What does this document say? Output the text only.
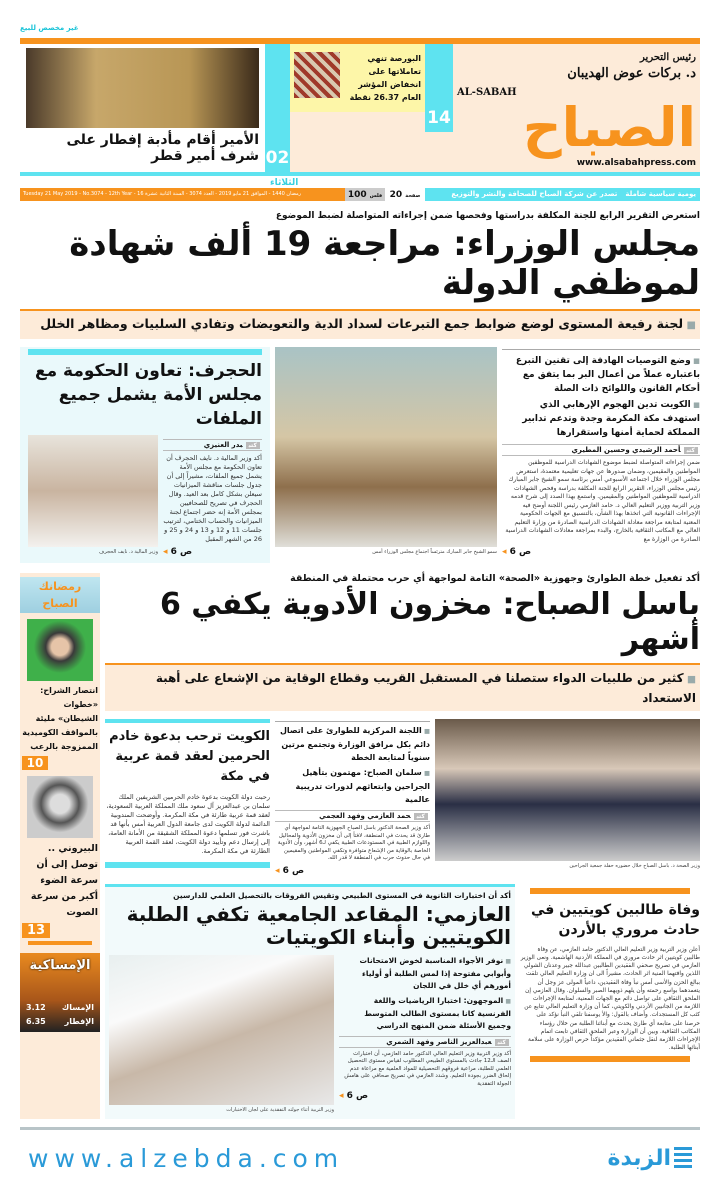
غير مخصص للبيع
الأمير أقام مأدبة إفطار على شرف أمير قطر 02
البورصة تنهي تعاملاتها على انخفاض المؤشر العام 26.37 نقطة
14
رئيس التحرير
د. بركات عوض الهديبان
AL-SABAH
الصباح
www.alsabahpress.com
الثلاثاء
Tuesday 21 May 2019 - No.3074 - 12th Year - 16 رمضان 1440 - الموافق 21 مايو 2019 - العدد 3074 - السنة الثانية عشرة	100 فلس 20 صفحة	يومية سياسية شاملة
تصدر عن شركة الصباح للصحافة والنشر والتوزيع
استعرض التقرير الرابع للجنة المكلفة بدراستها وفحصها ضمن إجراءاته المتواصلة لضبط الموضوع
مجلس الوزراء: مراجعة 19 ألف شهادة لموظفي الدولة
■ لجنة رفيعة المستوى لوضع ضوابط جمع التبرعات لسداد الدية والتعويضات وتفادي السلبيات ومظاهر الخلل
الحجرف: تعاون الحكومة مع مجلس الأمة يشمل جميع الملفات
وزير المالية د. نايف الحجرف
كتببدر العنيزي
أكد وزير المالية د. نايف الحجرف أن تعاون الحكومة مع مجلس الأمة يشمل جميع الملفات، مشيراً إلى أن جدول جلسات مناقشة الميزانيات سيعلن بشكل كامل بعد العيد. وقال الحجرف في تصريح للصحافيين بمجلس الأمة إنه حضر اجتماع لجنة الميزانيات والحساب الختامي، لترتيب جلسات 11 و 12 و 13 و 24 و 25 و 26 من الشهر المقبل
◂ ص 6	سمو الشيخ جابر المبارك مترئساً اجتماع مجلس الوزراء أمس
■ وضع التوصيات الهادفة إلى تقنين التبرع باعتباره عملاً من أعمال البر بما يتفق مع أحكام القانون واللوائح ذات الصلة
■ الكويت تدين الهجوم الإرهابي الذي استهدف مكة المكرمة وجدة وتدعم تدابير المملكة لحماية أمنها واستقرارها
كتبأحمد الرشيدي وحسين المطيري
ضمن إجراءاته المتواصلة لضبط موضوع الشهادات الدراسية للموظفين المواطنين والمقيمين، وضمان صدورها عن جهات تعليمية معتمدة، استعرض مجلس الوزراء خلال اجتماعه الأسبوعي أمس برئاسة سمو الشيخ جابر المبارك رئيس مجلس الوزراء، التقرير الرابع للجنة المكلفة بدراسة وفحص الشهادات الدراسية للموظفين المواطنين والمقيمين. واستمع بهذا الصدد إلى شرح قدمه وزير التربية ووزير التعليم العالي د. حامد العازمي رئيس اللجنة أوضح فيه الإجراءات القانونية التي اتخذها بهذا الشأن، بالتنسيق مع الجهات الحكومية المعنية لمتابعة مراجعة معادلة الشهادات الدراسية الصادرة من وزارة التعليم العالي مع المكاتب الثقافية بالخارج، والبدء بمراجعة معادلات الشهادات الدراسية الصادرة من الوزارة مع
◂ ص 6
رمضانك الصباح
انتصار الشراح: «خطوات الشيطان» مليئة بالمواقف الكوميدية الممزوجة بالرعب
10
البيروني .. توصل إلى أن سرعة الضوء أكبر من سرعة الصوت
13
الإمساكية
الإمساك
3.12
الإفطار
6.35
أكد تفعيل خطة الطوارئ وجهوزية «الصحة» التامة لمواجهة أي حرب محتملة في المنطقة
باسل الصباح: مخزون الأدوية يكفي 6 أشهر
■ كثير من طلبيات الدواء ستصلنا في المستقبل القريب وقطاع الوقاية من الإشعاع على أهبة الاستعداد
الكويت ترحب بدعوة خادم الحرمين لعقد قمة عربية في مكة
رحبت دولة الكويت بدعوة خادم الحرمين الشريفين الملك سلمان بن عبدالعزيز آل سعود ملك المملكة العربية السعودية، لعقد قمة عربية طارئة في مكة المكرمة. وأوضحت المندوبية الدائمة لدولة الكويت لدى جامعة الدول العربية أمس بأنها قد باشرت فور تسلمها دعوة المملكة الشقيقة من الأمانة العامة، إلى إرسال دعم وتأييد دولة الكويت، لعقد القمة العربية الطارئة في مكة المكرمة.
■ اللجنة المركزية للطوارئ على اتصال دائم بكل مرافق الوزارة وتجتمع مرتين سنوياً لمتابعة الخطة
■ سلمان الصباح: مهتمون بتأهيل الجراحين وابتعاثهم لدورات تدريبية عالمية
كتبحمد العازمي وفهد العجمي
أكد وزير الصحة الدكتور باسل الصباح الجهوزية التامة لمواجهة أي طارئ قد يحدث في المنطقة، لافتاً إلى أن مخزون الأدوية والمحاليل واللوازم الطبية في المستودعات الطبية يكفي لـ6 أشهر، وأن الأدوية الخاصة بالوقاية من الإشعاع متوافرة وتكفي المواطنين والمقيمين في حال حدوث حرب في المنطقة لا قدر الله.
◂ ص 6	وزير الصحة د. باسل الصباح خلال حضوره حفلة جمعية الجراحين
أكد أن اختبارات الثانوية في المستوى الطبيعي وتقيس الفروقات بالتحصيل العلمي للدارسين
العازمي: المقاعد الجامعية تكفي الطلبة الكويتيين وأبناء الكويتيات
وزير التربية أثناء جولته التفقدية على لجان الاختبارات
■ نوفر الأجواء المناسبة لخوض الامتحانات وأبوابي مفتوحة إذا لمس الطلبة أو أولياء أمورهم أي خلل في اللجان
■ الموجهون: اختبارا الرياضيات واللغة الفرنسية كانا بمستوى الطالب المتوسط وجميع الأسئلة ضمن المنهج الدراسي
كتبعبدالعزيز الناصر وفهد الشمري
أكد وزير التربية وزير التعليم العالي الدكتور حامد العازمي، أن اختبارات الصف الـ12 جاءت بالمستوى الطبيعي المطلوب لقياس مستوى التحصيل العلمي للطلبة، مراعية فروقهم التحصيلية للمواد العلمية مع مراعاة عدم إلحاق الضرر بجودة التعليم. وشدد العازمي في تصريح صحافي على هامش الجولة التفقدية
◂ ص 6
وفاة طالبين كويتيين في حادث مروري بالأردن
أعلن وزير التربية وزير التعليم العالي الدكتور حامد العازمي، عن وفاة طالبين كويتيين اثر حادث مروري في المملكة الأردنية الهاشمية. ونعى الوزير العازمي في تصريح صحفي الفقيدين الطالبين عبدالله جبير وعدنان الشولي اللذين وافتهما المنية اثر الحادث، مشيراً الى ان وزارة التعليم العالي تلقت ببالغ الحزن والأسى أمس نبأ وفاة الفقيدين، داعياً المولى عز وجل أن يتغمدهما بواسع رحمته وأن يلهم ذويهما الصبر والسلوان. وقال العازمي إن الملحق الثقافي على تواصل دائم مع الجهات المعنية، لمتابعة الإجراءات اللازمة من الجانبين الأردني والكويتي، كما أن وزارة التعليم العالي تتابع عن كثب كل المستجدات. وأضاف بالقول: والأ يوسفنا تلقي النبأ نؤكد على حرصنا على متابعة أي طارئ يحدث مع أبنائنا الطلبة من خلال رؤساء المكاتب الثقافية. وبين أن الوزارة وعبر الملحق الثقافي تابعت اتمام الإجراءات اللازمة لنقل جثماني الفقيدين مؤكداً حرص الوزارة على سلامة أبنائها الطلبة.
www.alzebda.com	الزبدة
